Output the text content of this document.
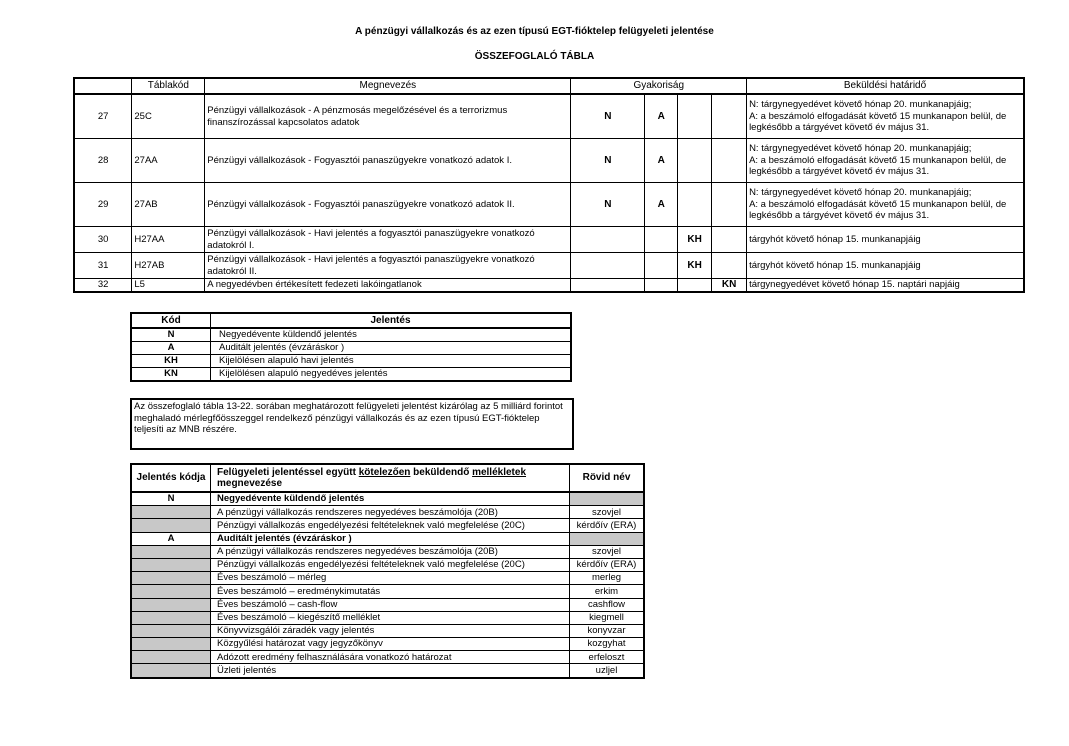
A pénzügyi vállalkozás és az ezen típusú EGT-fióktelep felügyeleti jelentése
ÖSSZEFOGLALÓ TÁBLA
	Táblakód	Megnevezés	Gyakoriság				Beküldési határidő
27	25C	Pénzügyi vállalkozások - A pénzmosás megelőzésével és a terrorizmus finanszírozással kapcsolatos adatok	N	A			N: tárgynegyedévet követő hónap 20. munkanapjáig;
A: a beszámoló elfogadását követő 15 munkanapon belül, de legkésőbb a tárgyévet követő év május 31.

28	27AA	Pénzügyi vállalkozások - Fogyasztói panaszügyekre vonatkozó adatok I.	N	A			N: tárgynegyedévet követő hónap 20. munkanapjáig;
A: a beszámoló elfogadását követő 15 munkanapon belül, de legkésőbb a tárgyévet követő év május 31.

29	27AB	Pénzügyi vállalkozások - Fogyasztói panaszügyekre vonatkozó adatok II.	N	A			N: tárgynegyedévet követő hónap 20. munkanapjáig;
A: a beszámoló elfogadását követő 15 munkanapon belül, de legkésőbb a tárgyévet követő év május 31.

30	H27AA	Pénzügyi vállalkozások - Havi jelentés a fogyasztói panaszügyekre vonatkozó adatokról I.			KH		tárgyhót követő hónap 15. munkanapjáig

31	H27AB	Pénzügyi vállalkozások - Havi jelentés a fogyasztói panaszügyekre vonatkozó adatokról II.			KH		tárgyhót követő hónap 15. munkanapjáig

32	L5	A negyedévben értékesített fedezeti lakóingatlanok				KN	tárgynegyedévet követő hónap 15. naptári napjáig
Kód	Jelentés
N	Negyedévente küldendő jelentés
A	Auditált jelentés (évzáráskor )
KH	Kijelölésen alapuló havi jelentés
KN	Kijelölésen alapuló negyedéves jelentés
Az összefoglaló tábla 13-22. sorában meghatározott felügyeleti jelentést kizárólag az 5 milliárd forintot meghaladó mérlegfőösszeggel rendelkező pénzügyi vállalkozás és az ezen típusú EGT-fióktelep teljesíti az MNB részére.
Jelentés kódja	Felügyeleti jelentéssel együtt kötelezően beküldendő mellékletek megnevezése	Rövid név
N	Negyedévente küldendő jelentés	
	A pénzügyi vállalkozás rendszeres negyedéves beszámolója (20B)	szovjel
	Pénzügyi vállalkozás engedélyezési feltételeknek való megfelelése (20C)	kérdőív (ERA)
A	Auditált jelentés (évzáráskor )	
	A pénzügyi vállalkozás rendszeres negyedéves beszámolója (20B)	szovjel
	Pénzügyi vállalkozás engedélyezési feltételeknek való megfelelése (20C)	kérdőív (ERA)
	Éves beszámoló – mérleg	merleg
	Éves beszámoló – eredménykimutatás	erkim
	Éves beszámoló – cash-flow	cashflow
	Éves beszámoló – kiegészítő melléklet	kiegmell
	Könyvvizsgálói záradék vagy jelentés	konyvzar
	Közgyűlési határozat vagy jegyzőkönyv	kozgyhat
	Adózott eredmény felhasználására vonatkozó határozat	erfeloszt
	Üzleti jelentés	uzljel
